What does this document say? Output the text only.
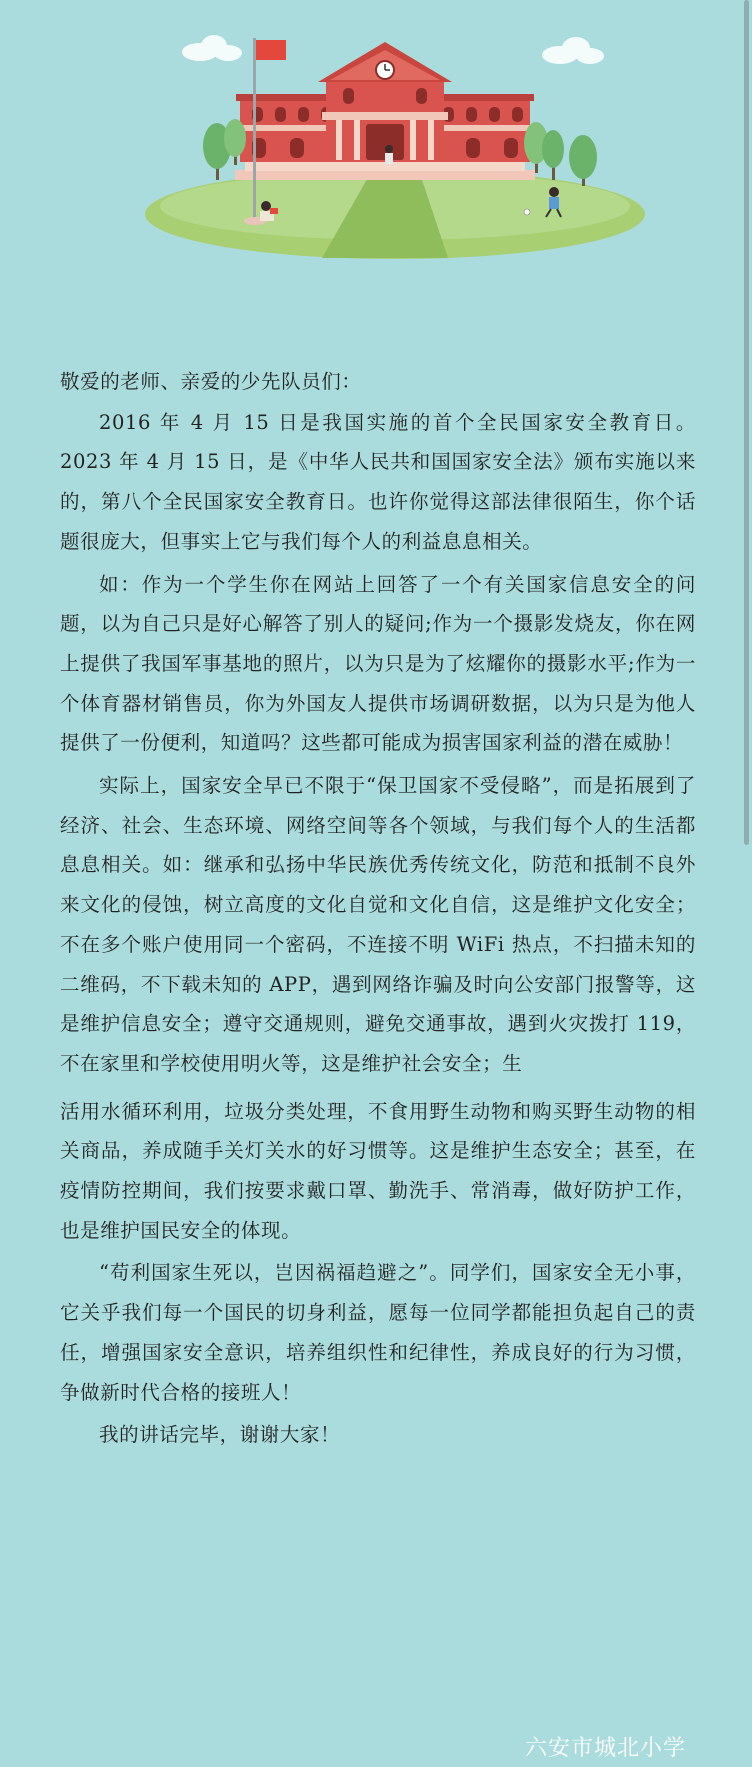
敬爱的老师、亲爱的少先队员们：

2016 年 4 月 15 日是我国实施的首个全民国家安全教育日。2023 年 4 月 15 日，是《中华人民共和国国家安全法》颁布实施以来的，第八个全民国家安全教育日。也许你觉得这部法律很陌生，你个话题很庞大，但事实上它与我们每个人的利益息息相关。

如：作为一个学生你在网站上回答了一个有关国家信息安全的问题，以为自己只是好心解答了别人的疑问;作为一个摄影发烧友，你在网上提供了我国军事基地的照片，以为只是为了炫耀你的摄影水平;作为一个体育器材销售员，你为外国友人提供市场调研数据，以为只是为他人提供了一份便利，知道吗？这些都可能成为损害国家利益的潜在威胁！

实际上，国家安全早已不限于“保卫国家不受侵略”，而是拓展到了经济、社会、生态环境、网络空间等各个领域，与我们每个人的生活都息息相关。如：继承和弘扬中华民族优秀传统文化，防范和抵制不良外来文化的侵蚀，树立高度的文化自觉和文化自信，这是维护文化安全；不在多个账户使用同一个密码，不连接不明 WiFi 热点，不扫描未知的二维码，不下载未知的 APP，遇到网络诈骗及时向公安部门报警等，这是维护信息安全；遵守交通规则，避免交通事故，遇到火灾拨打 119，不在家里和学校使用明火等，这是维护社会安全；生

活用水循环利用，垃圾分类处理，不食用野生动物和购买野生动物的相关商品，养成随手关灯关水的好习惯等。这是维护生态安全；甚至，在疫情防控期间，我们按要求戴口罩、勤洗手、常消毒，做好防护工作，也是维护国民安全的体现。

“苟利国家生死以，岂因祸福趋避之”。同学们，国家安全无小事，它关乎我们每一个国民的切身利益，愿每一位同学都能担负起自己的责任，增强国家安全意识，培养组织性和纪律性，养成良好的行为习惯，争做新时代合格的接班人！

我的讲话完毕，谢谢大家！

六安市城北小学
